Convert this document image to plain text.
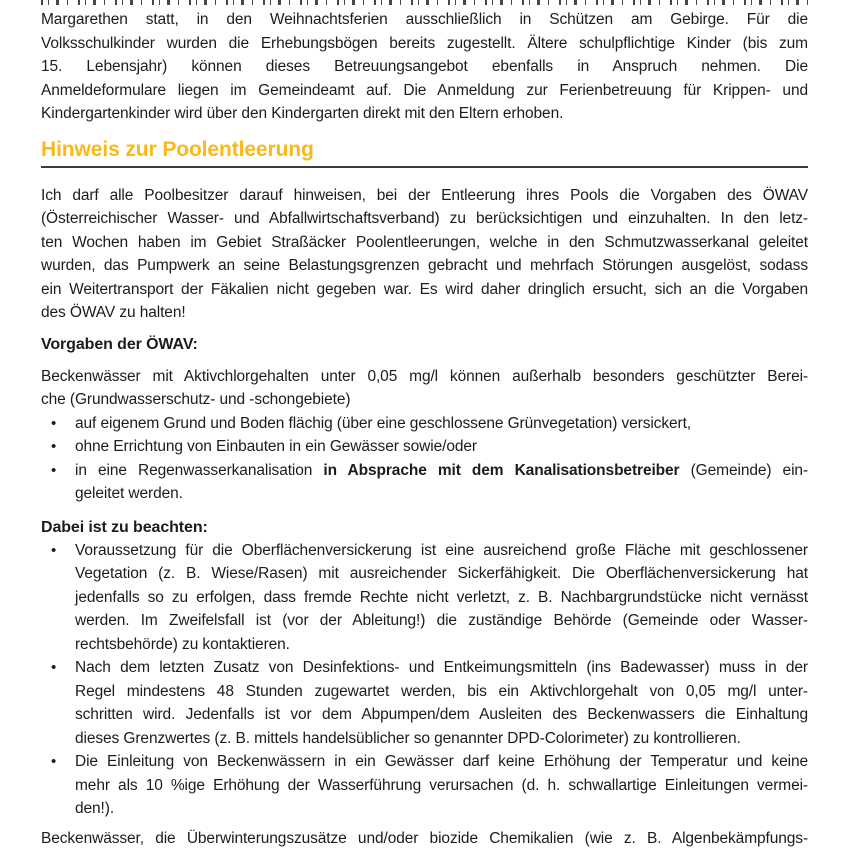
Margarethen statt, in den Weihnachtsferien ausschließlich in Schützen am Gebirge. Für die
Volksschulkinder wurden die Erhebungsbögen bereits zugestellt. Ältere schulpflichtige Kinder (bis zum
15. Lebensjahr) können dieses Betreuungsangebot ebenfalls in Anspruch nehmen. Die
Anmeldeformulare liegen im Gemeindeamt auf. Die Anmeldung zur Ferienbetreuung für Krippen- und
Kindergartenkinder wird über den Kindergarten direkt mit den Eltern erhoben.
Hinweis zur Poolentleerung
Ich darf alle Poolbesitzer darauf hinweisen, bei der Entleerung ihres Pools die Vorgaben des ÖWAV
(Österreichischer Wasser- und Abfallwirtschaftsverband) zu berücksichtigen und einzuhalten. In den letz-
ten Wochen haben im Gebiet Straßäcker Poolentleerungen, welche in den Schmutzwasserkanal geleitet
wurden, das Pumpwerk an seine Belastungsgrenzen gebracht und mehrfach Störungen ausgelöst, sodass
ein Weitertransport der Fäkalien nicht gegeben war. Es wird daher dringlich ersucht, sich an die Vorgaben
des ÖWAV zu halten!
Vorgaben der ÖWAV:
Beckenwässer mit Aktivchlorgehalten unter 0,05 mg/l können außerhalb besonders geschützter Berei-
che (Grundwasserschutz- und -schongebiete)
• auf eigenem Grund und Boden flächig (über eine geschlossene Grünvegetation) versickert,
• ohne Errichtung von Einbauten in ein Gewässer sowie/oder
• in eine Regenwasserkanalisation in Absprache mit dem Kanalisationsbetreiber (Gemeinde) ein-
geleitet werden.
Dabei ist zu beachten:
• Voraussetzung für die Oberflächenversickerung ist eine ausreichend große Fläche mit geschlossener
Vegetation (z. B. Wiese/Rasen) mit ausreichender Sickerfähigkeit. Die Oberflächenversickerung hat
jedenfalls so zu erfolgen, dass fremde Rechte nicht verletzt, z. B. Nachbargrundstücke nicht vernässt
werden. Im Zweifelsfall ist (vor der Ableitung!) die zuständige Behörde (Gemeinde oder Wasser-
rechtsbehörde) zu kontaktieren.
• Nach dem letzten Zusatz von Desinfektions- und Entkeimungsmitteln (ins Badewasser) muss in der
Regel mindestens 48 Stunden zugewartet werden, bis ein Aktivchlorgehalt von 0,05 mg/l unter-
schritten wird. Jedenfalls ist vor dem Abpumpen/dem Ausleiten des Beckenwassers die Einhaltung
dieses Grenzwertes (z. B. mittels handelsüblicher so genannter DPD-Colorimeter) zu kontrollieren.
• Die Einleitung von Beckenwässern in ein Gewässer darf keine Erhöhung der Temperatur und keine
mehr als 10 %ige Erhöhung der Wasserführung verursachen (d. h. schwallartige Einleitungen vermei-
den!).
Beckenwässer, die Überwinterungszusätze und/oder biozide Chemikalien (wie z. B. Algenbekämpfungs-
